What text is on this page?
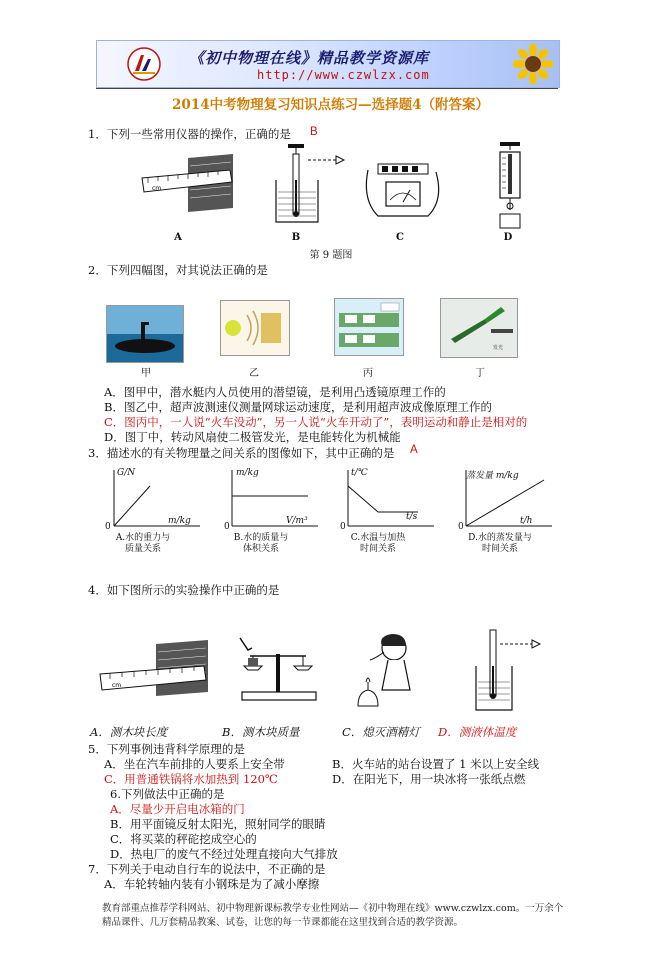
《初中物理在线》精品教学资源库
http://www.czwlzx.com
2014中考物理复习知识点练习—选择题4（附答案）
1．下列一些常用仪器的操作，正确的是 B
cm
A	B	C	D
第 9 题图
2．下列四幅图，对其说法正确的是
发光
甲	乙	丙	丁
A．图甲中，潜水艇内人员使用的潜望镜，是利用凸透镜原理工作的
B．图乙中，超声波测速仪测量网球运动速度，是利用超声波成像原理工作的
C．图丙中，一人说“火车没动”，另一人说“火车开动了”，表明运动和静止是相对的
D．图丁中，转动风扇使二极管发光，是电能转化为机械能
3．描述水的有关物理量之间关系的图像如下，其中正确的是 A
G/N
m/kg
0
A.水的重力与
质量关系
m/kg
V/m³
0
B.水的质量与
体积关系
t/℃
t/s
0
C.水温与加热
时间关系
蒸发量 m/kg
t/h
0
D.水的蒸发量与
时间关系
4．如下图所示的实验操作中正确的是
cm
A．测木块长度	B．测木块质量	C．熄灭酒精灯 D．测液体温度
5．下列事例违背科学原理的是
A．坐在汽车前排的人要系上安全带	B．火车站的站台设置了 1 米以上安全线
C．用普通铁锅将水加热到 120℃	D．在阳光下，用一块冰将一张纸点燃
6.下列做法中正确的是
A．尽量少开启电冰箱的门
B．用平面镜反射太阳光，照射同学的眼睛
C．将买菜的秤砣挖成空心的
D．热电厂的废气不经过处理直接向大气排放
7．下列关于电动自行车的说法中，不正确的是
A．车轮转轴内装有小钢珠是为了减小摩擦
教育部重点推荐学科网站、初中物理新课标教学专业性网站—《初中物理在线》www.czwlzx.com。一万余个
精品课件、几万套精品教案、试卷，让您的每一节课都能在这里找到合适的教学资源。
